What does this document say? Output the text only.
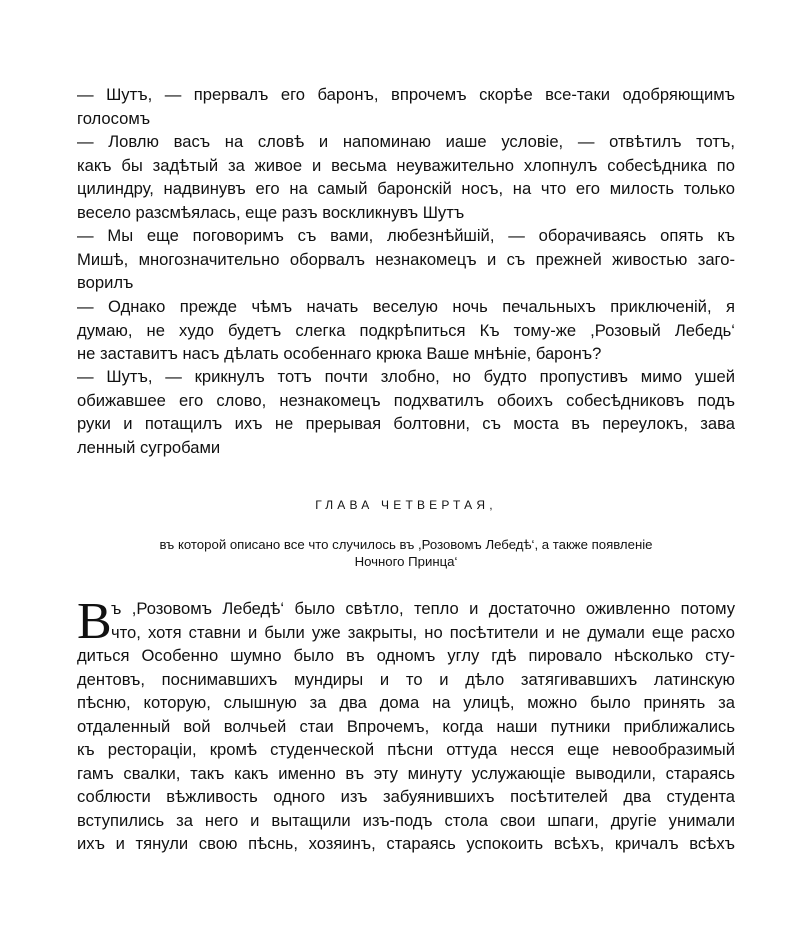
— Шутъ, — прервалъ его баронъ, впрочемъ скорѣе все-таки одобряющимъ
голосомъ
— Ловлю васъ на словѣ и напоминаю иаше условіе, — отвѣтилъ тотъ,
какъ бы задѣтый за живое и весьма неуважительно хлопнулъ собесѣдника по
цилиндру, надвинувъ его на самый баронскій носъ, на что его милость только
весело разсмѣялась, еще разъ воскликнувъ Шутъ
— Мы еще поговоримъ съ вами, любезнѣйшій, — оборачиваясь опять къ
Мишѣ, многозначительно оборвалъ незнакомецъ и съ прежней живостью заго-
ворилъ
— Однако прежде чѣмъ начать веселую ночь печальныхъ приключеній, я
думаю, не худо будетъ слегка подкрѣпиться Къ тому-же ,Розовый Лебедь‘
не заставитъ насъ дѣлать особеннаго крюка Ваше мнѣніе, баронъ?
— Шутъ, — крикнулъ тотъ почти злобно, но будто пропустивъ мимо ушей
обижавшее его слово, незнакомецъ подхватилъ обоихъ собесѣдниковъ подъ
руки и потащилъ ихъ не прерывая болтовни, съ моста въ переулокъ, зава
ленный сугробами
ГЛАВА ЧЕТВЕРТАЯ,
въ которой описано все что случилось въ ,Розовомъ Лебедѣ‘, а также появленіе
Ночного Принца‘
В ъ ,Розовомъ Лебедѣ‘ было свѣтло, тепло и достаточно оживленно потому
что, хотя ставни и были уже закрыты, но посѣтители и не думали еще расхо
диться Особенно шумно было въ одномъ углу гдѣ пировало нѣсколько сту-
дентовъ, поснимавшихъ мундиры и то и дѣло затягивавшихъ латинскую
пѣсню, которую, слышную за два дома на улицѣ, можно было принять за
отдаленный вой волчьей стаи Впрочемъ, когда наши путники приближались
къ ресторацiи, кромѣ студенческой пѣсни оттуда несся еще невообразимый
гамъ свалки, такъ какъ именно въ эту минуту услужающіе выводили, стараясь
соблюсти вѣжливость одного изъ забуянившихъ посѣтителей два студента
вступились за него и вытащили изъ-подъ стола свои шпаги, другіе унимали
ихъ и тянули свою пѣснь, хозяинъ, стараясь успокоить всѣхъ, кричалъ всѣхъ
